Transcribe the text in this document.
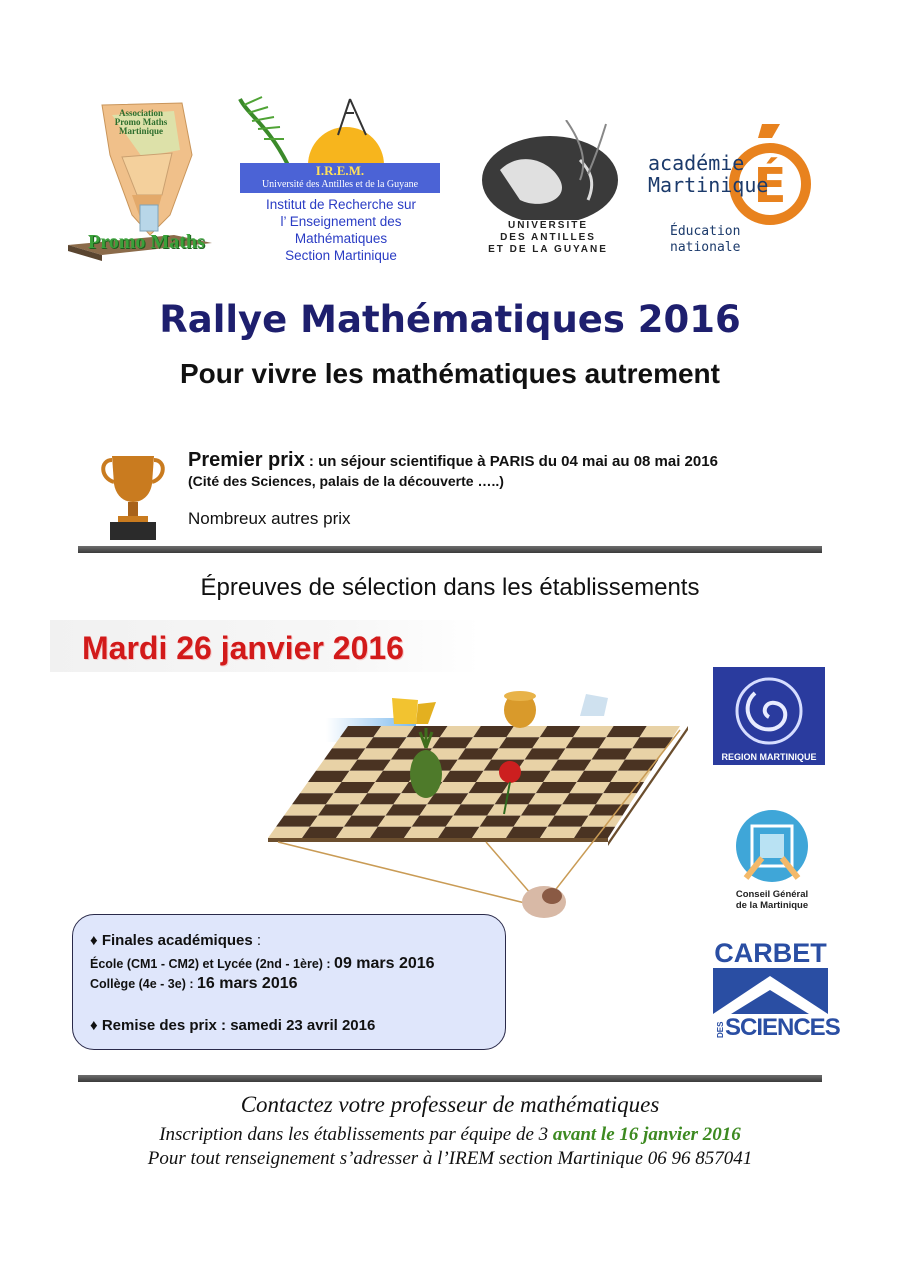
Association Promo Maths Martinique
Promo Maths
I.R.E.M.
Université des Antilles et de la Guyane
Institut de Recherche sur
l’ Enseignement des
Mathématiques
Section Martinique
UNIVERSITE
DES ANTILLES
ET DE LA GUYANE
É
académie
Martinique
Éducation
nationale
Rallye Mathématiques 2016
Pour vivre les mathématiques autrement
Premier prix : un séjour scientifique à PARIS du 04 mai au 08 mai 2016
(Cité des Sciences, palais de la découverte …..)
Nombreux autres prix
Épreuves de sélection dans les établissements
Mardi 26 janvier 2016
♦ Finales académiques :
École (CM1 - CM2) et Lycée (2nd - 1ère) : 09 mars 2016
Collège (4e - 3e) : 16 mars 2016
♦ Remise des prix : samedi 23 avril 2016
REGION MARTINIQUE
Conseil Général
de la Martinique
CARBET
DES SCIENCES
Contactez votre professeur de mathématiques
Inscription dans les établissements par équipe de 3 avant le 16 janvier 2016
Pour tout renseignement s’adresser à l’IREM section Martinique 06 96 857041
